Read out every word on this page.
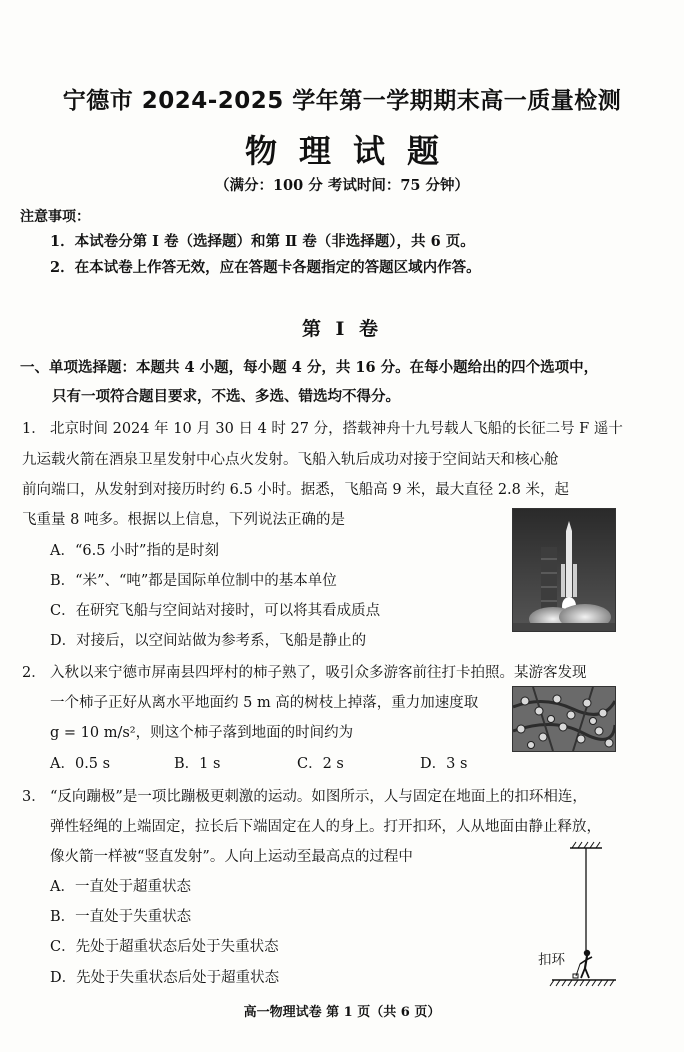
宁德市 2024-2025 学年第一学期期末高一质量检测
物理试题
（满分：100 分 考试时间：75 分钟）
注意事项：
1．本试卷分第 Ⅰ 卷（选择题）和第 Ⅱ 卷（非选择题），共 6 页。
2．在本试卷上作答无效，应在答题卡各题指定的答题区域内作答。
第 Ⅰ 卷
一、单项选择题：本题共 4 小题，每小题 4 分，共 16 分。在每小题给出的四个选项中，
只有一项符合题目要求，不选、多选、错选均不得分。
1． 北京时间 2024 年 10 月 30 日 4 时 27 分，搭载神舟十九号载人飞船的长征二号 F 遥十
九运载火箭在酒泉卫星发射中心点火发射。飞船入轨后成功对接于空间站天和核心舱
前向端口，从发射到对接历时约 6.5 小时。据悉，飞船高 9 米，最大直径 2.8 米，起
飞重量 8 吨多。根据以上信息，下列说法正确的是
A．“6.5 小时”指的是时刻
B．“米”、“吨”都是国际单位制中的基本单位
C．在研究飞船与空间站对接时，可以将其看成质点
D．对接后，以空间站做为参考系，飞船是静止的
2． 入秋以来宁德市屏南县四坪村的柿子熟了，吸引众多游客前往打卡拍照。某游客发现
一个柿子正好从离水平地面约 5 m 高的树枝上掉落，重力加速度取
g = 10 m/s²，则这个柿子落到地面的时间约为
A．0.5 s	B．1 s	C．2 s	D．3 s
3． “反向蹦极”是一项比蹦极更刺激的运动。如图所示，人与固定在地面上的扣环相连，
弹性轻绳的上端固定，拉长后下端固定在人的身上。打开扣环，人从地面由静止释放，
像火箭一样被“竖直发射”。人向上运动至最高点的过程中
A．一直处于超重状态
B．一直处于失重状态
C．先处于超重状态后处于失重状态
D．先处于失重状态后处于超重状态
扣环
高一物理试卷 第 1 页（共 6 页）
